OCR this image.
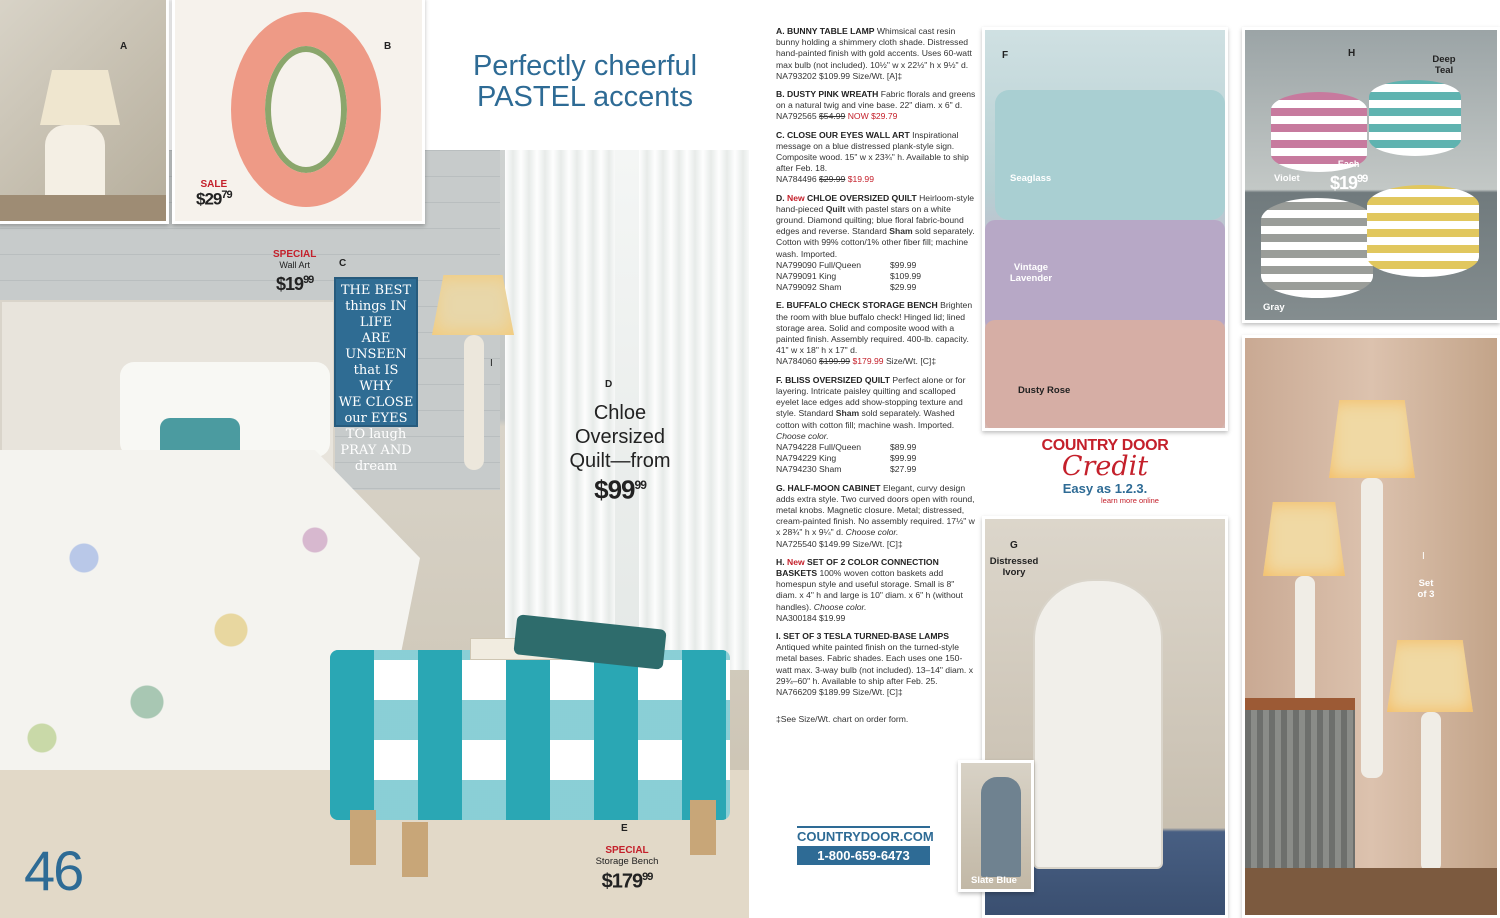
THE BEST
things IN LIFE
ARE UNSEEN
that IS WHY
WE CLOSE
our EYES
TO laugh
PRAY AND
dream
A	B
SALE
$\$29^{79}$
Perfectly cheerful
PASTEL accents
SPECIAL
Wall Art
$\$19^{99}$
C
I
D
Chloe
Oversized
Quilt—from
$\$99^{99}$
E
SPECIAL
Storage Bench
$\$179^{99}$
46
A. BUNNY TABLE LAMP Whimsical cast resin bunny holding a shimmery cloth shade. Distressed hand-painted finish with gold accents. Uses 60-watt max bulb (not included). 10½" w x 22½" h x 9½" d.
NA793202 $109.99 Size/Wt. [A]‡
B. DUSTY PINK WREATH Fabric florals and greens on a natural twig and vine base. 22" diam. x 6" d.
NA792565 $54.99 NOW $29.79
C. CLOSE OUR EYES WALL ART Inspirational message on a blue distressed plank-style sign. Composite wood. 15" w x 23¾" h. Available to ship after Feb. 18.
NA784496 $29.99 $19.99
D. New CHLOE OVERSIZED QUILT Heirloom-style hand-pieced Quilt with pastel stars on a white ground. Diamond quilting; blue floral fabric-bound edges and reverse. Standard Sham sold separately. Cotton with 99% cotton/1% other fiber fill; machine wash. Imported.
NA799090 Full/Queen	$99.99
NA799091 King	$109.99
NA799092 Sham	$29.99
E. BUFFALO CHECK STORAGE BENCH Brighten the room with blue buffalo check! Hinged lid; lined storage area. Solid and composite wood with a painted finish. Assembly required. 400-lb. capacity. 41" w x 18" h x 17" d.
NA784060 $199.99 $179.99 Size/Wt. [C]‡
F. BLISS OVERSIZED QUILT Perfect alone or for layering. Intricate paisley quilting and scalloped eyelet lace edges add show-stopping texture and style. Standard Sham sold separately. Washed cotton with cotton fill; machine wash. Imported. Choose color.
NA794228 Full/Queen	$89.99
NA794229 King	$99.99
NA794230 Sham	$27.99
G. HALF-MOON CABINET Elegant, curvy design adds extra style. Two curved doors open with round, metal knobs. Magnetic closure. Metal; distressed, cream-painted finish. No assembly required. 17½" w x 28¾" h x 9¼" d. Choose color.
NA725540 $149.99 Size/Wt. [C]‡
H. New SET OF 2 COLOR CONNECTION BASKETS 100% woven cotton baskets add homespun style and useful storage. Small is 8" diam. x 4" h and large is 10" diam. x 6" h (without handles). Choose color.
NA300184 $19.99
I. SET OF 3 TESLA TURNED-BASE LAMPS Antiqued white painted finish on the turned-style metal bases. Fabric shades. Each uses one 150-watt max. 3-way bulb (not included). 13–14" diam. x 29¾–60" h. Available to ship after Feb. 25.
NA766209 $189.99 Size/Wt. [C]‡
‡See Size/Wt. chart on order form.
COUNTRYDOOR.COM
1-800-659-6473
F
Seaglass
Vintage
Lavender
Dusty Rose
H
Deep
Teal
Violet
Each
$\$19^{99}$
Lemon
Gray
I
Set
of 3
COUNTRY DOOR
Credit
Easy as 1.2.3.
learn more online
G
Distressed
Ivory
Slate Blue
